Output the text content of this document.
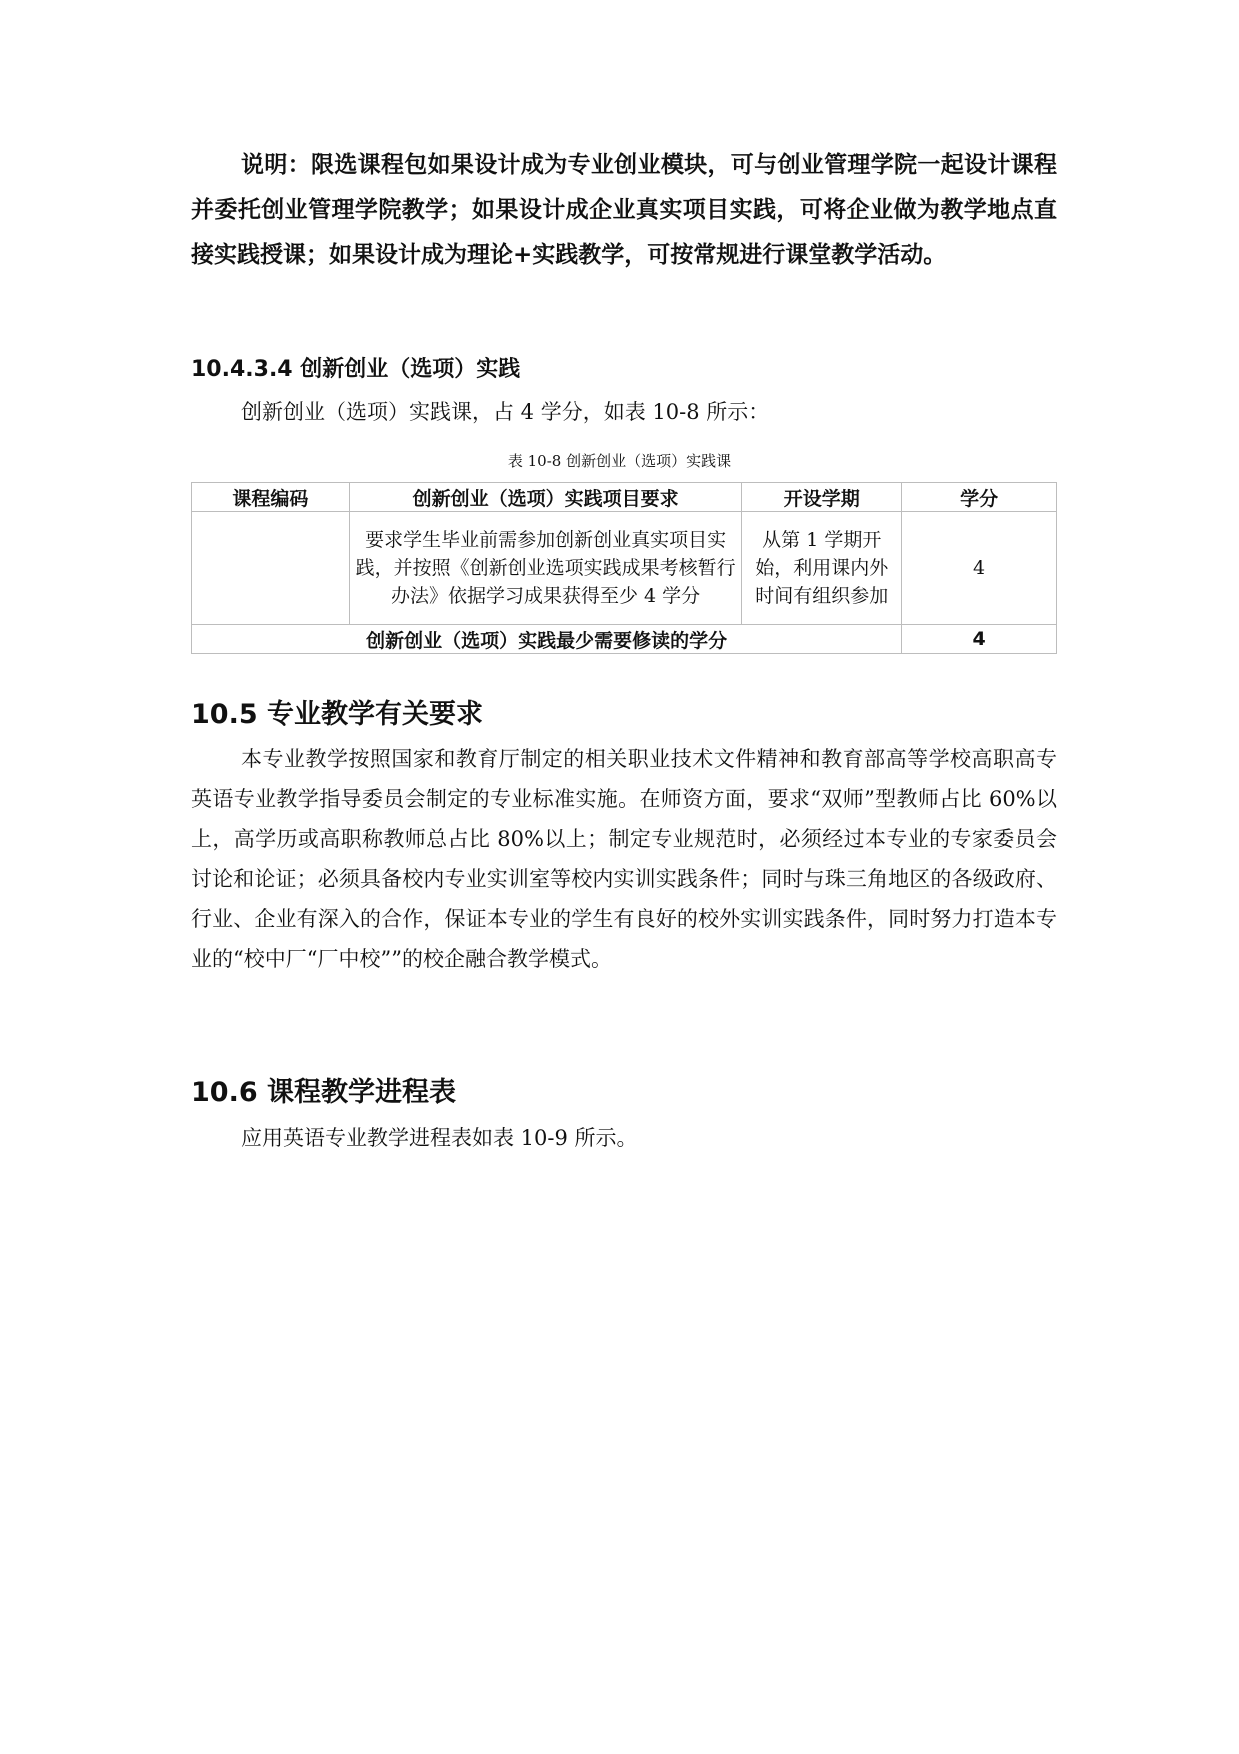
说明：限选课程包如果设计成为专业创业模块，可与创业管理学院一起设计课程并委托创业管理学院教学；如果设计成企业真实项目实践，可将企业做为教学地点直接实践授课；如果设计成为理论+实践教学，可按常规进行课堂教学活动。

10.4.3.4 创新创业（选项）实践

创新创业（选项）实践课，占 4 学分，如表 10-8 所示：

表 10-8 创新创业（选项）实践课

课程编码	创新创业（选项）实践项目要求	开设学期	学分
	要求学生毕业前需参加创新创业真实项目实践，并按照《创新创业选项实践成果考核暂行办法》依据学习成果获得至少 4 学分	从第 1 学期开始，利用课内外时间有组织参加	4
创新创业（选项）实践最少需要修读的学分			4
10.5 专业教学有关要求

本专业教学按照国家和教育厅制定的相关职业技术文件精神和教育部高等学校高职高专英语专业教学指导委员会制定的专业标准实施。在师资方面，要求“双师”型教师占比 60%以上，高学历或高职称教师总占比 80%以上；制定专业规范时，必须经过本专业的专家委员会讨论和论证；必须具备校内专业实训室等校内实训实践条件；同时与珠三角地区的各级政府、行业、企业有深入的合作，保证本专业的学生有良好的校外实训实践条件，同时努力打造本专业的“校中厂“厂中校””的校企融合教学模式。

10.6 课程教学进程表

应用英语专业教学进程表如表 10-9 所示。
